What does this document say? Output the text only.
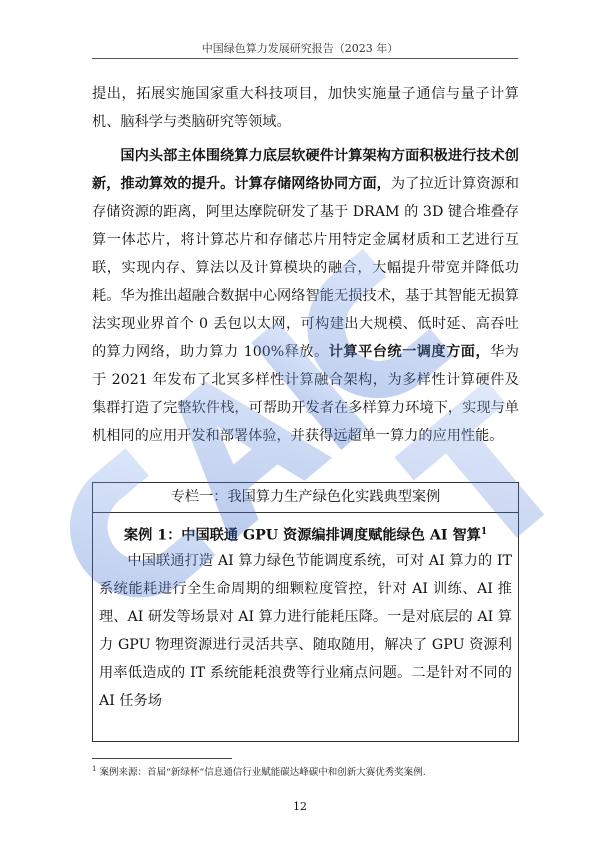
中国绿色算力发展研究报告（2023 年）

提出，拓展实施国家重大科技项目，加快实施量子通信与量子计算机、脑科学与类脑研究等领域。

国内头部主体围绕算力底层软硬件计算架构方面积极进行技术创新，推动算效的提升。计算存储网络协同方面，为了拉近计算资源和存储资源的距离，阿里达摩院研发了基于 DRAM 的 3D 键合堆叠存算一体芯片，将计算芯片和存储芯片用特定金属材质和工艺进行互联，实现内存、算法以及计算模块的融合，大幅提升带宽并降低功耗。华为推出超融合数据中心网络智能无损技术，基于其智能无损算法实现业界首个 0 丢包以太网，可构建出大规模、低时延、高吞吐的算力网络，助力算力 100%释放。计算平台统一调度方面，华为于 2021 年发布了北冥多样性计算融合架构，为多样性计算硬件及集群打造了完整软件栈，可帮助开发者在多样算力环境下，实现与单机相同的应用开发和部署体验，并获得远超单一算力的应用性能。

专栏一：我国算力生产绿色化实践典型案例
案例 1：中国联通 GPU 资源编排调度赋能绿色 AI 智算$^1$

中国联通打造 AI 算力绿色节能调度系统，可对 AI 算力的 IT 系统能耗进行全生命周期的细颗粒度管控，针对 AI 训练、AI 推理、AI 研发等场景对 AI 算力进行能耗压降。一是对底层的 AI 算力 GPU 物理资源进行灵活共享、随取随用，解决了 GPU 资源利用率低造成的 IT 系统能耗浪费等行业痛点问题。二是针对不同的 AI 任务场

$^1$ 案例来源：首届“新绿杯“信息通信行业赋能碳达峰碳中和创新大赛优秀奖案例.

12
